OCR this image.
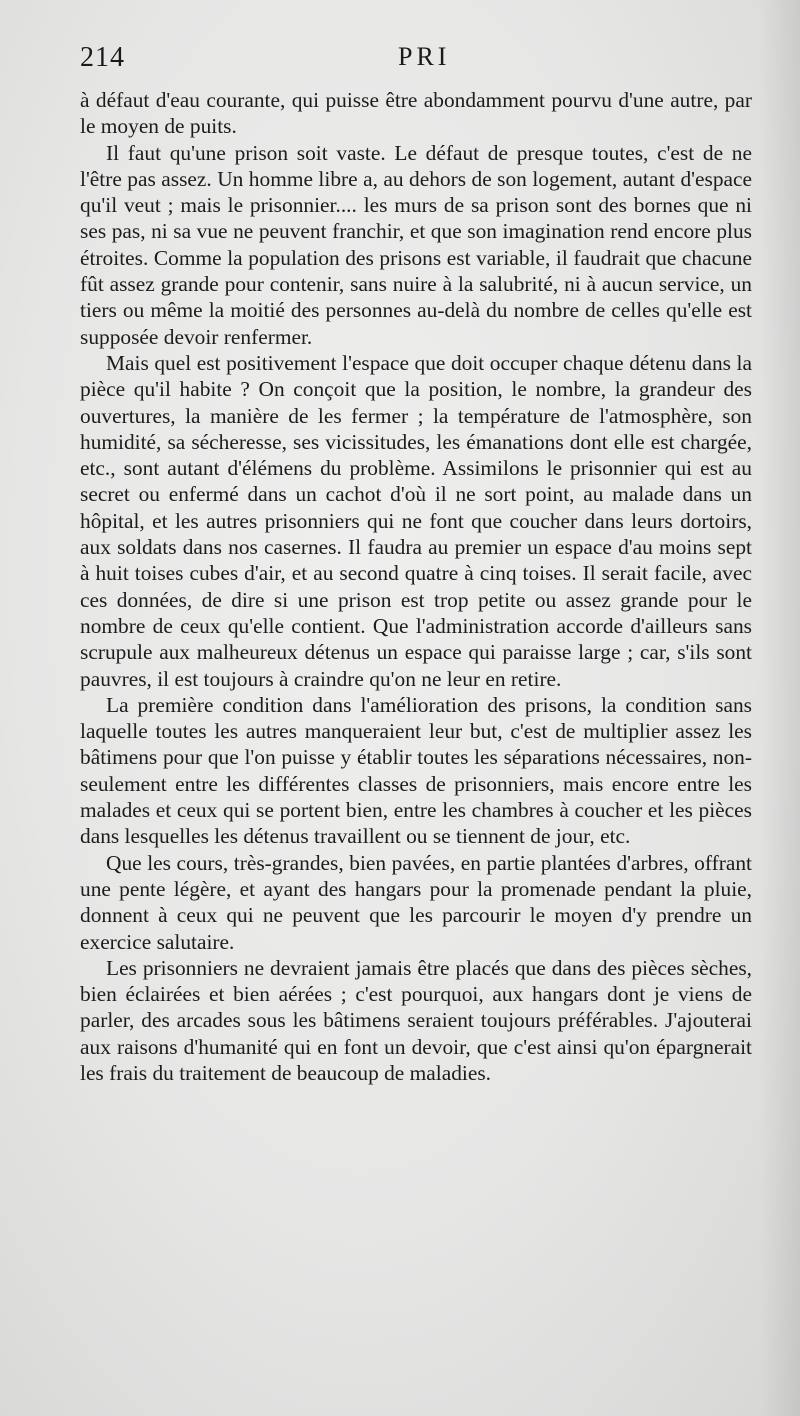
214	PRI

à défaut d'eau courante, qui puisse être abondamment pourvu d'une autre, par le moyen de puits.

Il faut qu'une prison soit vaste. Le défaut de presque toutes, c'est de ne l'être pas assez. Un homme libre a, au dehors de son logement, autant d'espace qu'il veut ; mais le prisonnier.... les murs de sa prison sont des bornes que ni ses pas, ni sa vue ne peuvent franchir, et que son imagination rend encore plus étroites. Comme la population des prisons est variable, il faudrait que chacune fût assez grande pour contenir, sans nuire à la salubrité, ni à aucun service, un tiers ou même la moitié des personnes au-delà du nombre de celles qu'elle est supposée devoir renfermer.

Mais quel est positivement l'espace que doit occuper chaque détenu dans la pièce qu'il habite ? On conçoit que la position, le nombre, la grandeur des ouvertures, la manière de les fermer ; la température de l'atmosphère, son humidité, sa sécheresse, ses vicissitudes, les émanations dont elle est chargée, etc., sont autant d'élémens du problème. Assimilons le prisonnier qui est au secret ou enfermé dans un cachot d'où il ne sort point, au malade dans un hôpital, et les autres prisonniers qui ne font que coucher dans leurs dortoirs, aux soldats dans nos casernes. Il faudra au premier un espace d'au moins sept à huit toises cubes d'air, et au second quatre à cinq toises. Il serait facile, avec ces données, de dire si une prison est trop petite ou assez grande pour le nombre de ceux qu'elle contient. Que l'administration accorde d'ailleurs sans scrupule aux malheureux détenus un espace qui paraisse large ; car, s'ils sont pauvres, il est toujours à craindre qu'on ne leur en retire.

La première condition dans l'amélioration des prisons, la condition sans laquelle toutes les autres manqueraient leur but, c'est de multiplier assez les bâtimens pour que l'on puisse y établir toutes les séparations nécessaires, non-seulement entre les différentes classes de prisonniers, mais encore entre les malades et ceux qui se portent bien, entre les chambres à coucher et les pièces dans lesquelles les détenus travaillent ou se tiennent de jour, etc.

Que les cours, très-grandes, bien pavées, en partie plantées d'arbres, offrant une pente légère, et ayant des hangars pour la promenade pendant la pluie, donnent à ceux qui ne peuvent que les parcourir le moyen d'y prendre un exercice salutaire.

Les prisonniers ne devraient jamais être placés que dans des pièces sèches, bien éclairées et bien aérées ; c'est pourquoi, aux hangars dont je viens de parler, des arcades sous les bâtimens seraient toujours préférables. J'ajouterai aux raisons d'humanité qui en font un devoir, que c'est ainsi qu'on épargnerait les frais du traitement de beaucoup de maladies.
